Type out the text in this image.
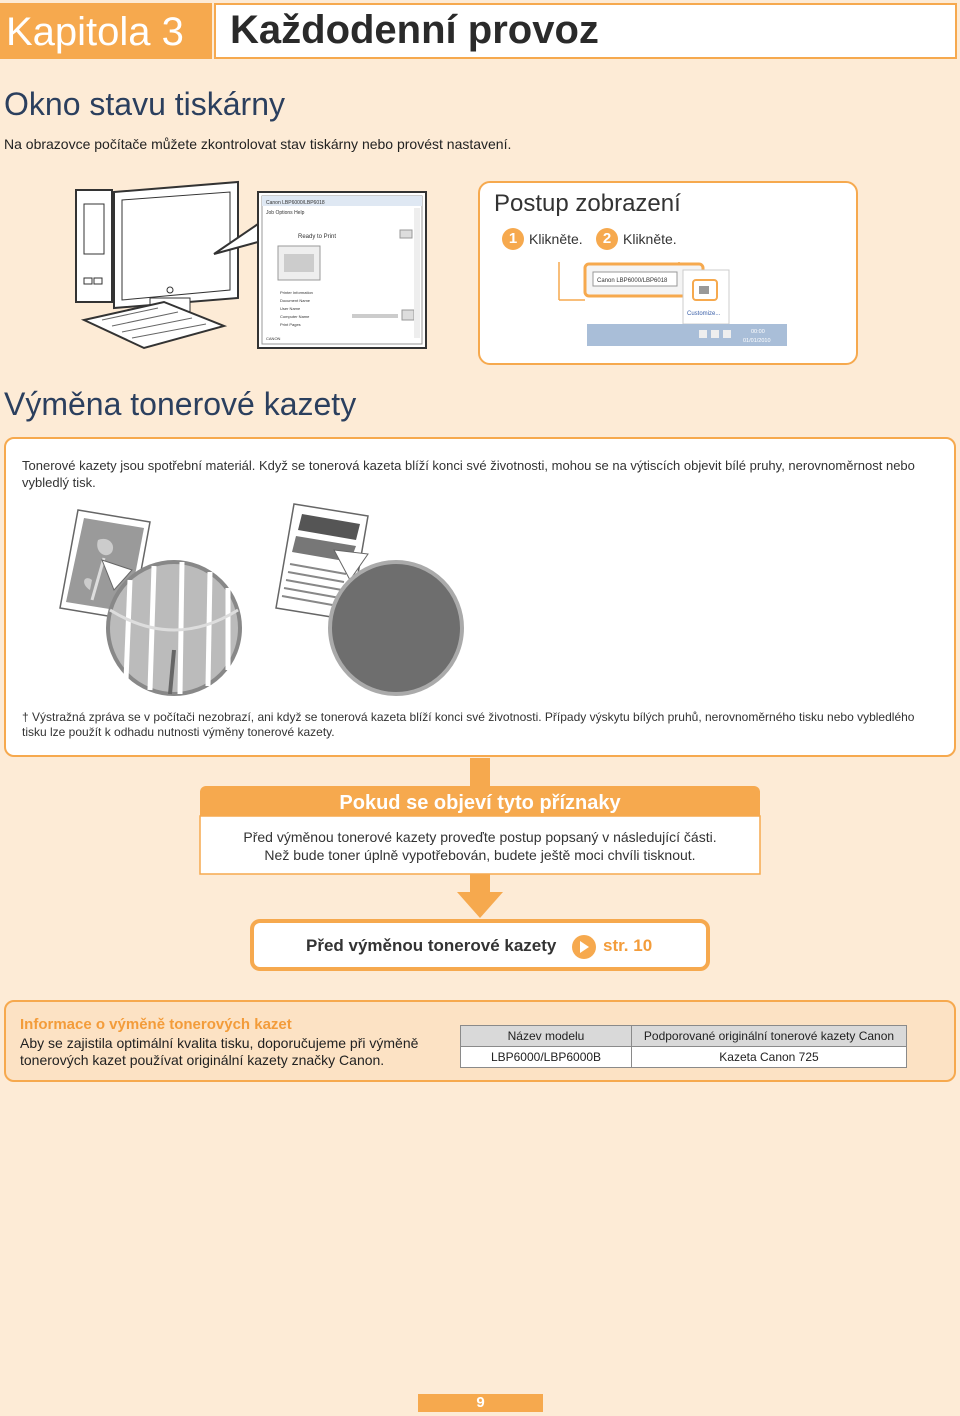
Kapitola 3	Každodenní provoz
Okno stavu tiskárny
Na obrazovce počítače můžete zkontrolovat stav tiskárny nebo provést nastavení.
Canon LBP6000/LBP6018
Job Options Help
Ready to Print
Printer Information
Document Name
User Name
Computer Name
Print Pages
CANON
Postup zobrazení
1 Klikněte.	2 Klikněte.
Canon LBP6000/LBP6018
Customize...
00:00
01/01/2010
Výměna tonerové kazety
Tonerové kazety jsou spotřební materiál. Když se tonerová kazeta blíží konci své životnosti, mohou se na výtiscích objevit bílé pruhy, nerovnoměrnost nebo vybledlý tisk.
† Výstražná zpráva se v počítači nezobrazí, ani když se tonerová kazeta blíží konci své životnosti. Případy výskytu bílých pruhů, nerovnoměrného tisku nebo vybledlého tisku lze použít k odhadu nutnosti výměny tonerové kazety.
Pokud se objeví tyto příznaky
Před výměnou tonerové kazety proveďte postup popsaný v následující části.
Než bude toner úplně vypotřebován, budete ještě moci chvíli tisknout.
Před výměnou tonerové kazety	str. 10
Informace o výměně tonerových kazet
Aby se zajistila optimální kvalita tisku, doporučujeme při výměně tonerových kazet používat originální kazety značky Canon.
Název modelu	Podporované originální tonerové kazety Canon
LBP6000/LBP6000B	Kazeta Canon 725
9
